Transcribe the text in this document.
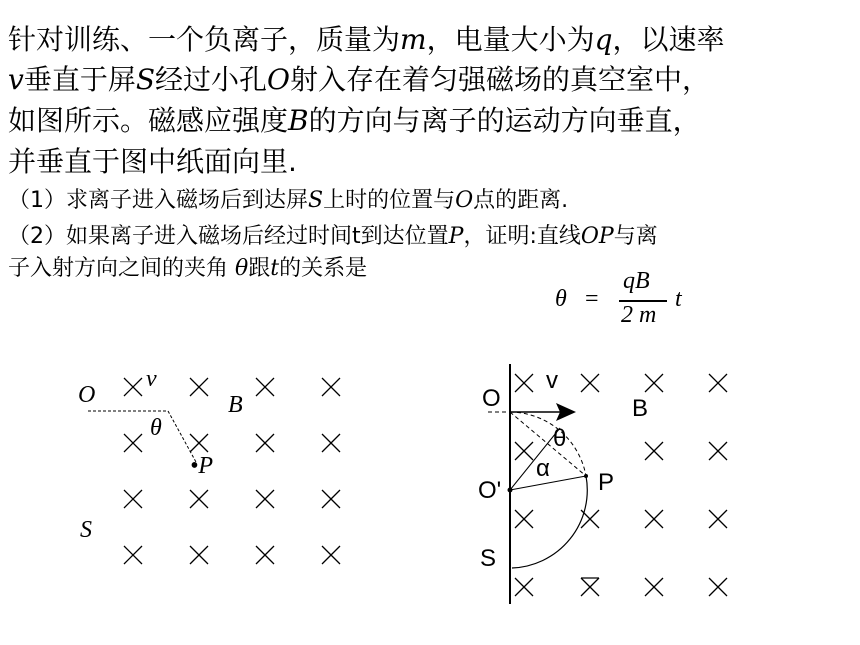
针对训练、一个负离子，质量为m，电量大小为q，以速率
v垂直于屏S经过小孔O射入存在着匀强磁场的真空室中，
如图所示。磁感应强度B的方向与离子的运动方向垂直，
并垂直于图中纸面向里.
（1）求离子进入磁场后到达屏S上时的位置与O点的距离.
（2）如果离子进入磁场后经过时间t到达位置P，证明:直线OP与离
子入射方向之间的夹角 θ跟t的关系是
θ =
qB
2 m
t
O
v
B
θ
•P
S
O
v
B
θ
α
O'	P
S
